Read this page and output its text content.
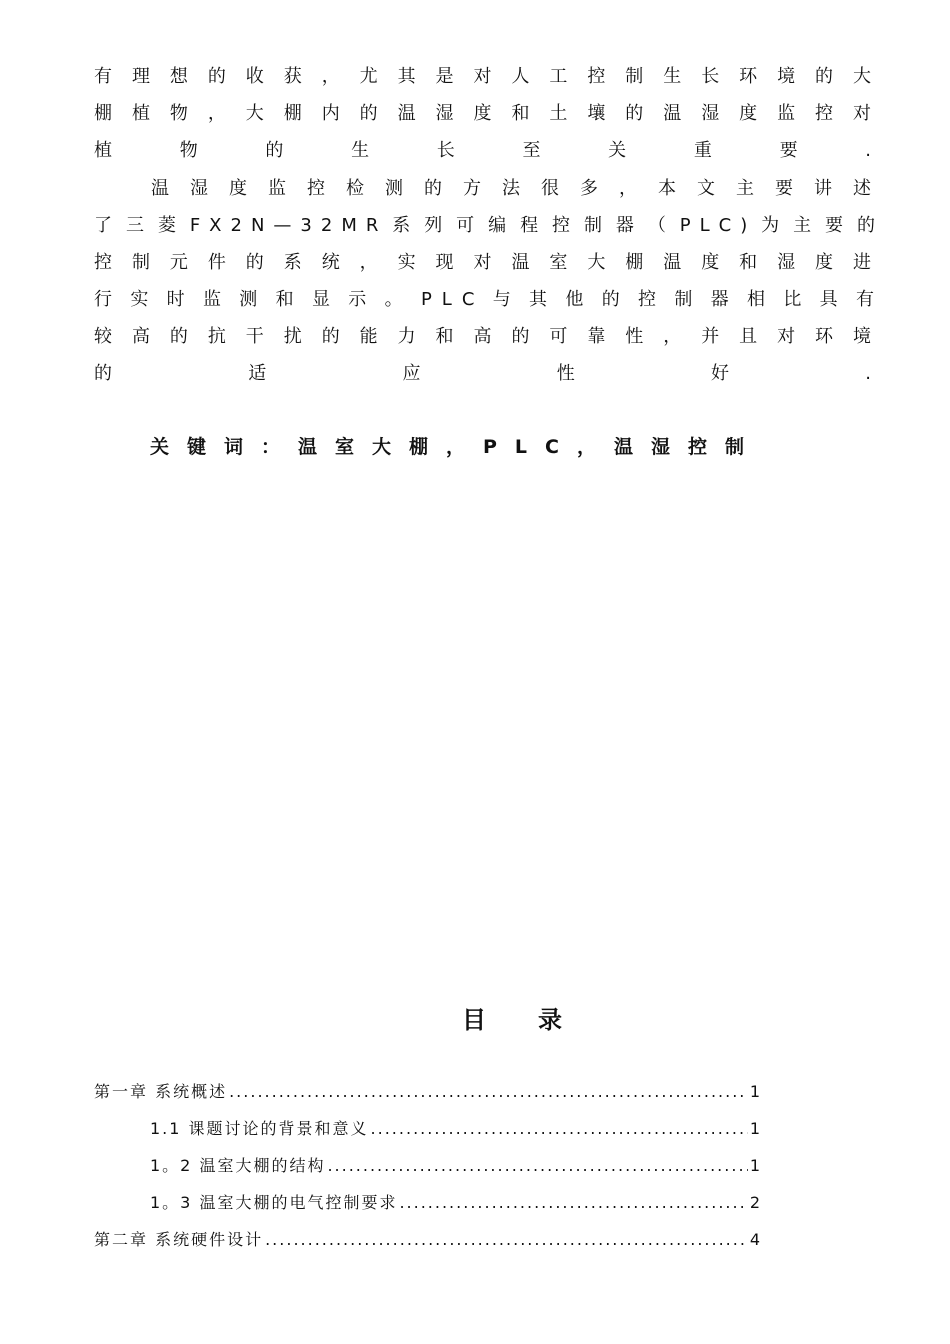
有理想的收获，尤其是对人工控制生长环境的大
棚植物，大棚内的温湿度和土壤的温湿度监控对
植物的生长至关重要.
温湿度监控检测的方法很多，本文主要讲述
了三菱FX2N—32MR系列可编程控制器（PLC)为主要的
控制元件的系统，实现对温室大棚温度和湿度进
行实时监测和显示。PLC与其他的控制器相比具有
较高的抗干扰的能力和高的可靠性，并且对环境
的适应性好.
关键词：温室大棚，PLC，温湿控制
目录
第一章 系统概述 .....	1
1.1 课题讨论的背景和意义 .....	1
1。2 温室大棚的结构 .....	1
1。3 温室大棚的电气控制要求 .....	2
第二章 系统硬件设计 .....	4
